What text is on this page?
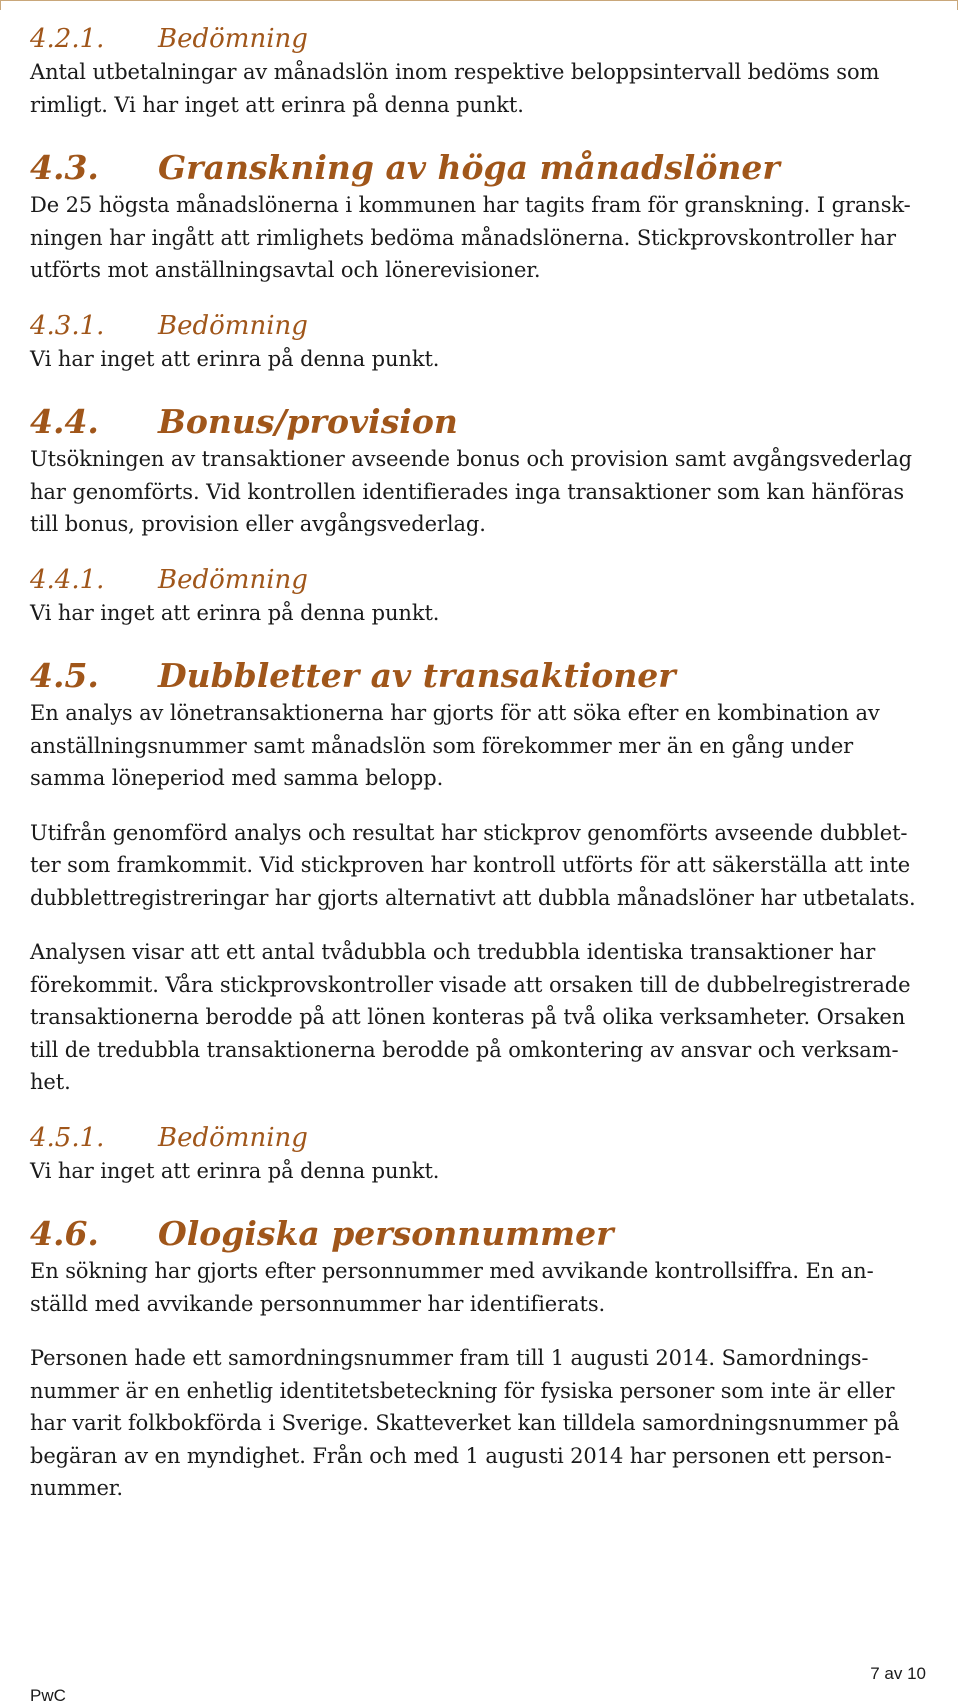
4.2.1.	Bedömning

Antal utbetalningar av månadslön inom respektive beloppsintervall bedöms som
rimligt. Vi har inget att erinra på denna punkt.

4.3.	Granskning av höga månadslöner

De 25 högsta månadslönerna i kommunen har tagits fram för granskning. I gransk-
ningen har ingått att rimlighets bedöma månadslönerna. Stickprovskontroller har
utförts mot anställningsavtal och lönerevisioner.

4.3.1.	Bedömning

Vi har inget att erinra på denna punkt.

4.4.	Bonus/provision

Utsökningen av transaktioner avseende bonus och provision samt avgångsvederlag
har genomförts. Vid kontrollen identifierades inga transaktioner som kan hänföras
till bonus, provision eller avgångsvederlag.

4.4.1.	Bedömning

Vi har inget att erinra på denna punkt.

4.5.	Dubbletter av transaktioner

En analys av lönetransaktionerna har gjorts för att söka efter en kombination av
anställningsnummer samt månadslön som förekommer mer än en gång under
samma löneperiod med samma belopp.

Utifrån genomförd analys och resultat har stickprov genomförts avseende dubblet-
ter som framkommit. Vid stickproven har kontroll utförts för att säkerställa att inte
dubblettregistreringar har gjorts alternativt att dubbla månadslöner har utbetalats.

Analysen visar att ett antal tvådubbla och tredubbla identiska transaktioner har
förekommit. Våra stickprovskontroller visade att orsaken till de dubbelregistrerade
transaktionerna berodde på att lönen konteras på två olika verksamheter. Orsaken
till de tredubbla transaktionerna berodde på omkontering av ansvar och verksam-
het.

4.5.1.	Bedömning

Vi har inget att erinra på denna punkt.

4.6.	Ologiska personnummer

En sökning har gjorts efter personnummer med avvikande kontrollsiffra. En an-
ställd med avvikande personnummer har identifierats.

Personen hade ett samordningsnummer fram till 1 augusti 2014. Samordnings-
nummer är en enhetlig identitetsbeteckning för fysiska personer som inte är eller
har varit folkbokförda i Sverige. Skatteverket kan tilldela samordningsnummer på
begäran av en myndighet. Från och med 1 augusti 2014 har personen ett person-
nummer.

7 av 10
PwC
